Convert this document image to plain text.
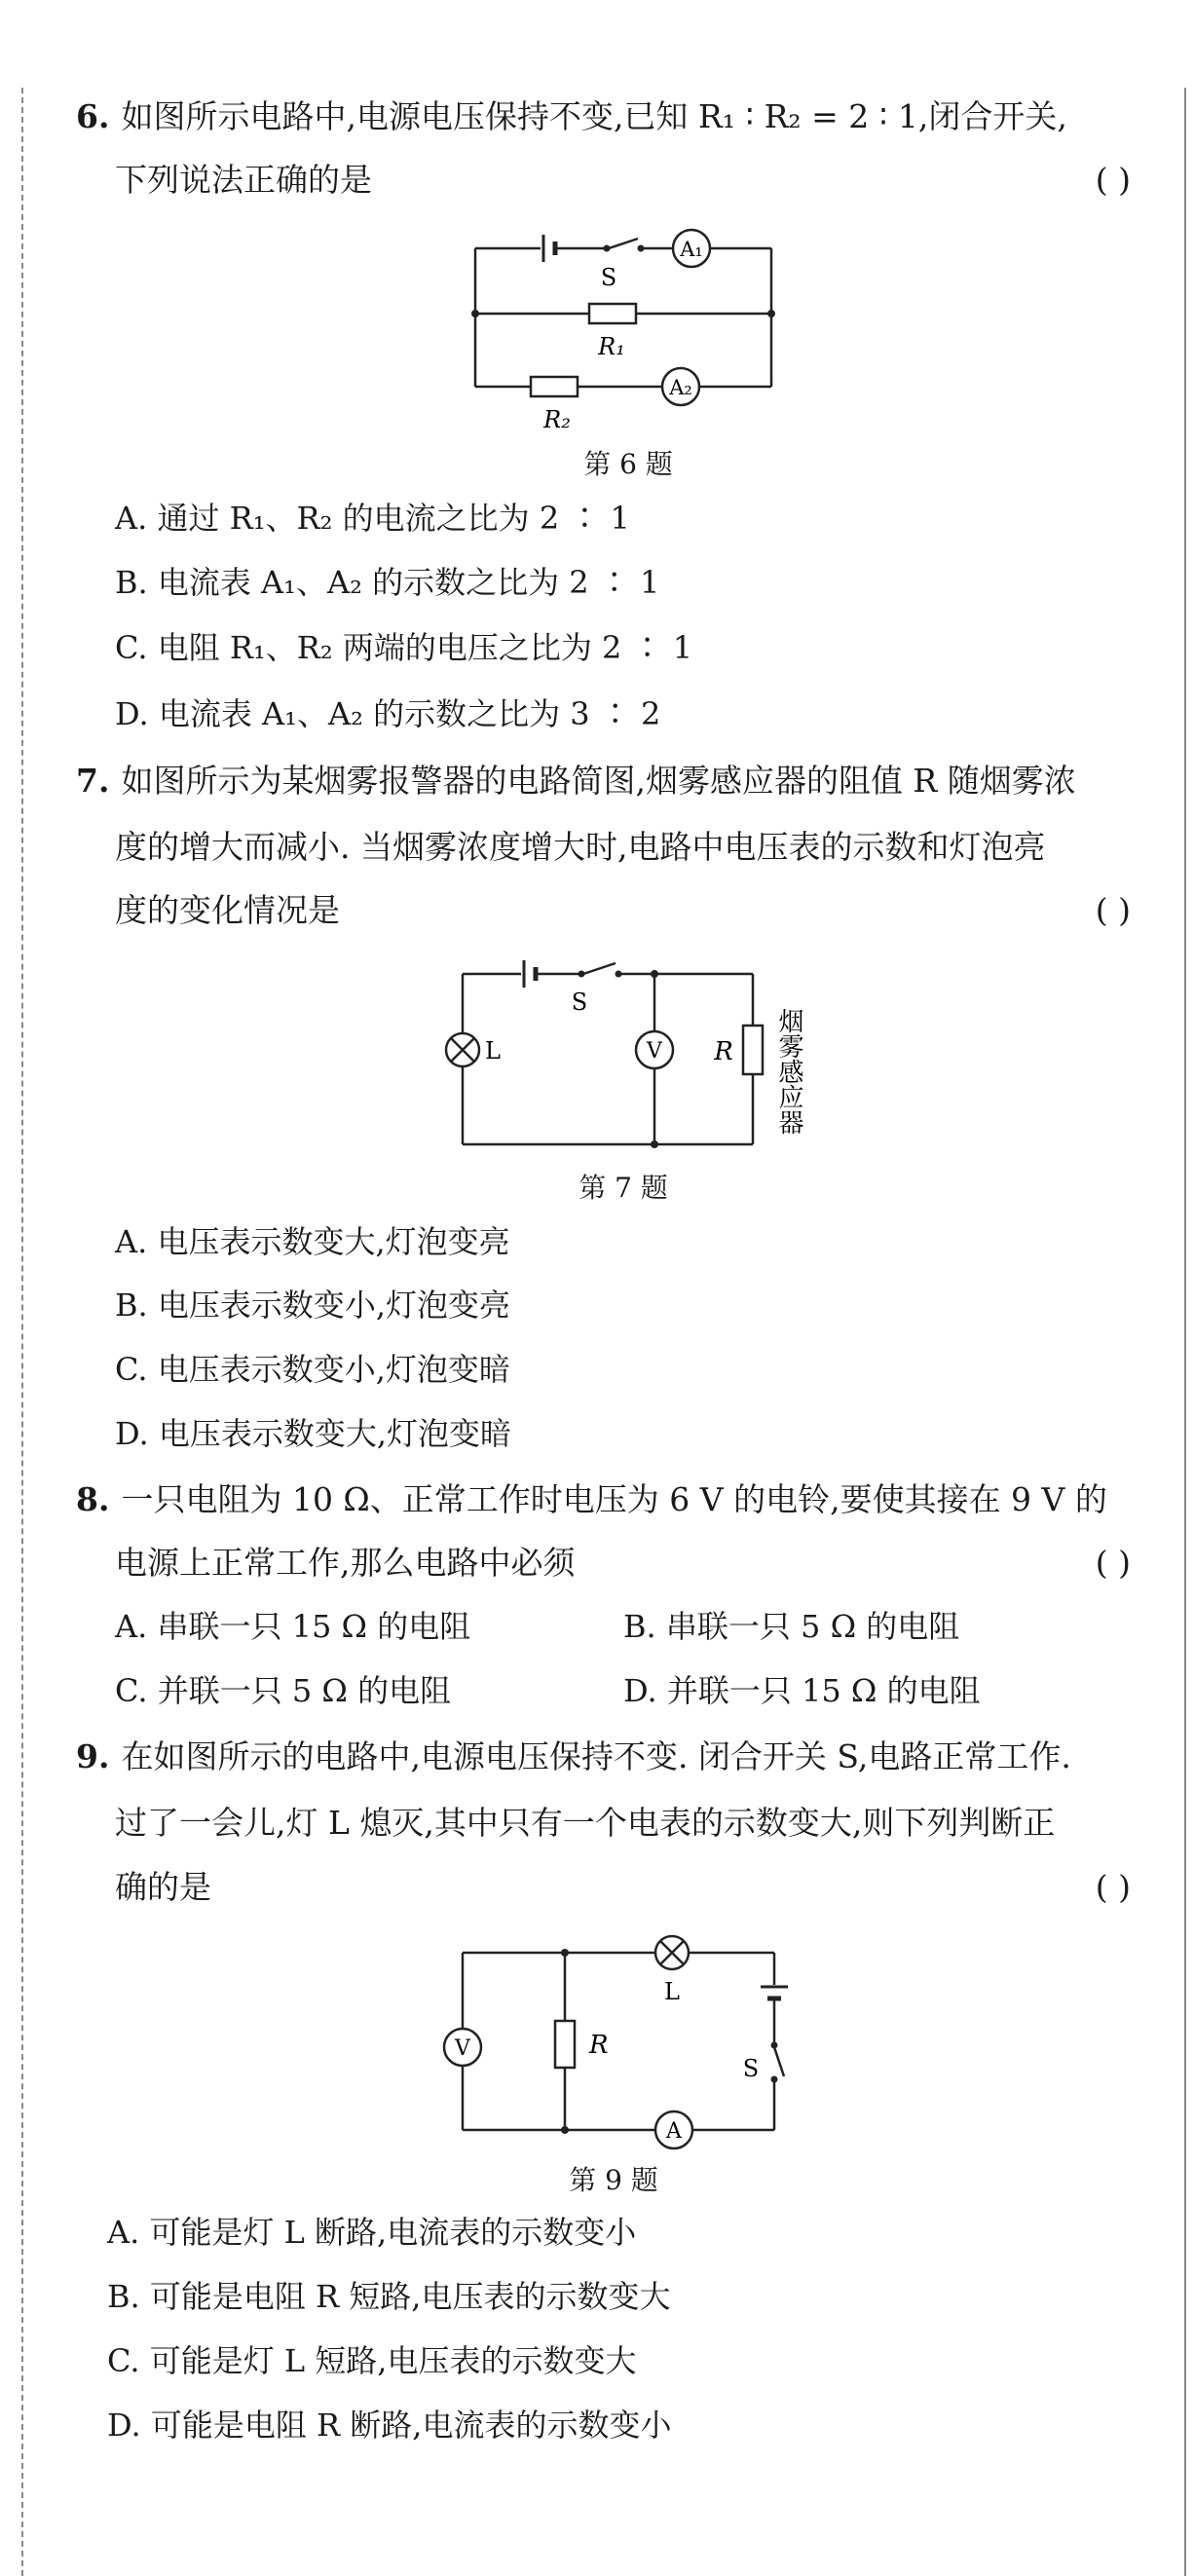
6. 如图所示电路中,电源电压保持不变,已知 R₁ ∶ R₂ = 2 ∶ 1,闭合开关,
下列说法正确的是	( )
A₁
S
R₁
A₂
R₂
第 6 题
A. 通过 R₁、R₂ 的电流之比为 2 ∶ 1
B. 电流表 A₁、A₂ 的示数之比为 2 ∶ 1
C. 电阻 R₁、R₂ 两端的电压之比为 2 ∶ 1
D. 电流表 A₁、A₂ 的示数之比为 3 ∶ 2
7. 如图所示为某烟雾报警器的电路简图,烟雾感应器的阻值 R 随烟雾浓
度的增大而减小. 当烟雾浓度增大时,电路中电压表的示数和灯泡亮
度的变化情况是	( )
S
L	V R 烟雾感应器
第 7 题
A. 电压表示数变大,灯泡变亮
B. 电压表示数变小,灯泡变亮
C. 电压表示数变小,灯泡变暗
D. 电压表示数变大,灯泡变暗
8. 一只电阻为 10 Ω、正常工作时电压为 6 V 的电铃,要使其接在 9 V 的
电源上正常工作,那么电路中必须	( )
A. 串联一只 15 Ω 的电阻	B. 串联一只 5 Ω 的电阻
C. 并联一只 5 Ω 的电阻	D. 并联一只 15 Ω 的电阻
9. 在如图所示的电路中,电源电压保持不变. 闭合开关 S,电路正常工作.
过了一会儿,灯 L 熄灭,其中只有一个电表的示数变大,则下列判断正
确的是	( )
L
V	R
A
S
第 9 题
A. 可能是灯 L 断路,电流表的示数变小
B. 可能是电阻 R 短路,电压表的示数变大
C. 可能是灯 L 短路,电压表的示数变大
D. 可能是电阻 R 断路,电流表的示数变小
